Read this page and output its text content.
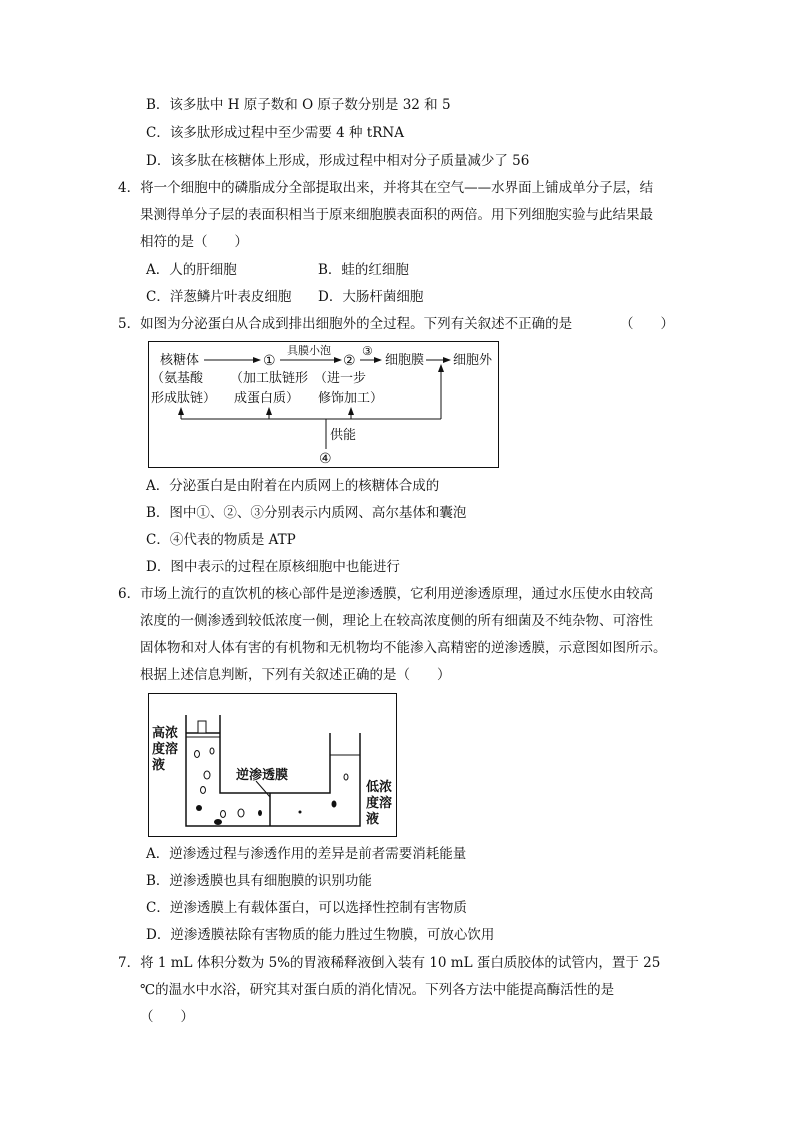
B．该多肽中 H 原子数和 O 原子数分别是 32 和 5
C．该多肽形成过程中至少需要 4 种 tRNA
D．该多肽在核糖体上形成，形成过程中相对分子质量减少了 56
4．将一个细胞中的磷脂成分全部提取出来，并将其在空气——水界面上铺成单分子层，结
果测得单分子层的表面积相当于原来细胞膜表面积的两倍。用下列细胞实验与此结果最
相符的是（　　）
A．人的肝细胞	B．蛙的红细胞
C．洋葱鳞片叶表皮细胞 D．大肠杆菌细胞
5．如图为分泌蛋白从合成到排出细胞外的全过程。下列有关叙述不正确的是	（　　）
核糖体	①
具膜小泡
②
③
细胞膜 细胞外
（氨基酸
形成肽链）
（加工肽链形
成蛋白质）
（进一步
修饰加工）
供能
④
A．分泌蛋白是由附着在内质网上的核糖体合成的
B．图中①、②、③分别表示内质网、高尔基体和囊泡
C．④代表的物质是 ATP
D．图中表示的过程在原核细胞中也能进行
6．市场上流行的直饮机的核心部件是逆渗透膜，它利用逆渗透原理，通过水压使水由较高
浓度的一侧渗透到较低浓度一侧，理论上在较高浓度侧的所有细菌及不纯杂物、可溶性
固体物和对人体有害的有机物和无机物均不能渗入高精密的逆渗透膜，示意图如图所示。
根据上述信息判断，下列有关叙述正确的是（　　）
高浓
度溶
液
逆渗透膜
低浓
度溶
液
A．逆渗透过程与渗透作用的差异是前者需要消耗能量
B．逆渗透膜也具有细胞膜的识别功能
C．逆渗透膜上有载体蛋白，可以选择性控制有害物质
D．逆渗透膜祛除有害物质的能力胜过生物膜，可放心饮用
7．将 1 mL 体积分数为 5%的胃液稀释液倒入装有 10 mL 蛋白质胶体的试管内，置于 25
℃的温水中水浴，研究其对蛋白质的消化情况。下列各方法中能提高酶活性的是
（　　）
